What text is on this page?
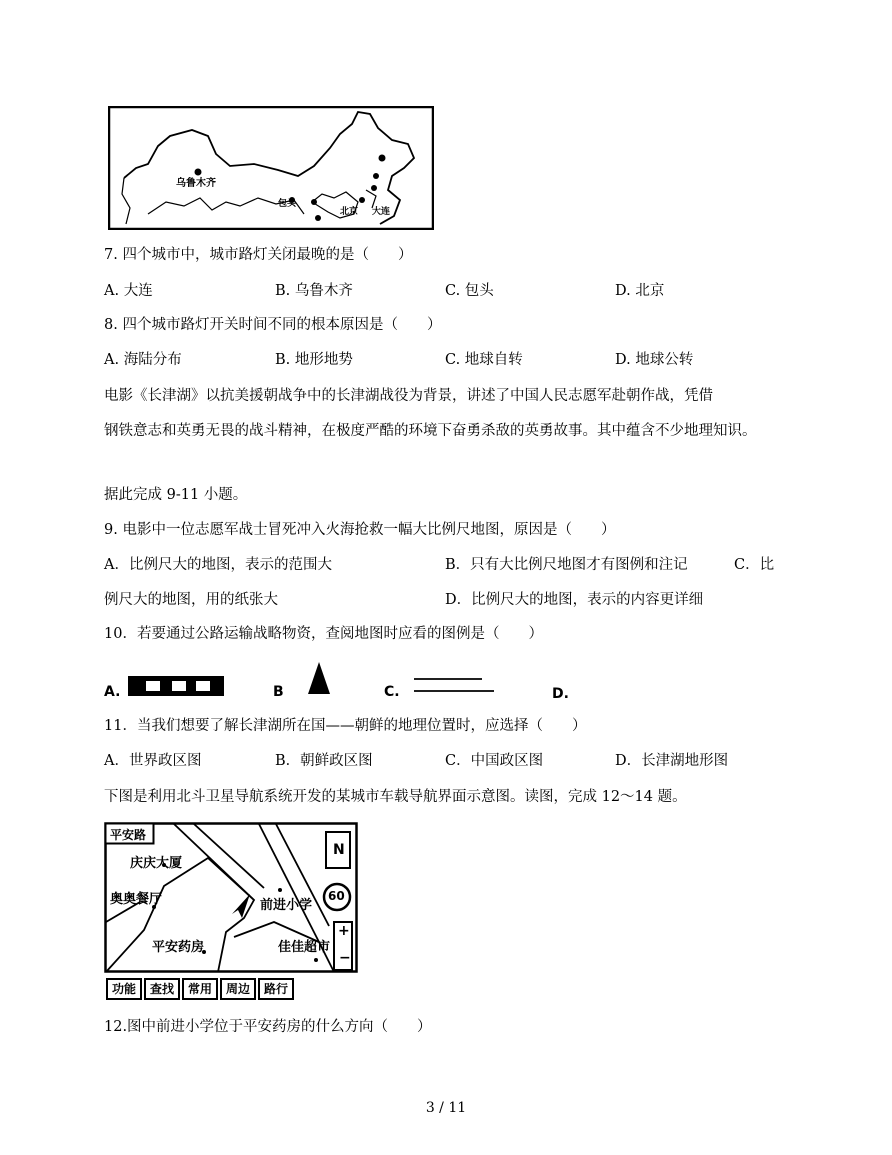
乌鲁木齐
包头
北京 大连
7. 四个城市中，城市路灯关闭最晚的是（　　）
A. 大连	B. 乌鲁木齐	C. 包头	D. 北京
8. 四个城市路灯开关时间不同的根本原因是（　　）
A. 海陆分布	B. 地形地势	C. 地球自转	D. 地球公转
电影《长津湖》以抗美援朝战争中的长津湖战役为背景，讲述了中国人民志愿军赴朝作战，凭借
钢铁意志和英勇无畏的战斗精神，在极度严酷的环境下奋勇杀敌的英勇故事。其中蕴含不少地理知识。
据此完成 9-11 小题。
9. 电影中一位志愿军战士冒死冲入火海抢救一幅大比例尺地图，原因是（　　）
A．比例尺大的地图，表示的范围大	B．只有大比例尺地图才有图例和注记	C．比
例尺大的地图，用的纸张大	D．比例尺大的地图，表示的内容更详细
10．若要通过公路运输战略物资，查阅地图时应看的图例是（　　）
A.	B	C.	D.
11．当我们想要了解长津湖所在国——朝鲜的地理位置时，应选择（　　）
A．世界政区图	B．朝鲜政区图	C．中国政区图	D．长津湖地形图
下图是利用北斗卫星导航系统开发的某城市车载导航界面示意图。读图，完成 12～14 题。
平安路
庆庆大厦
奥奥餐厅	前进小学
平安药房	佳佳超市
N
60
+
−
功能	查找	常用	周边	路行
12.图中前进小学位于平安药房的什么方向（　　）
3 / 11
